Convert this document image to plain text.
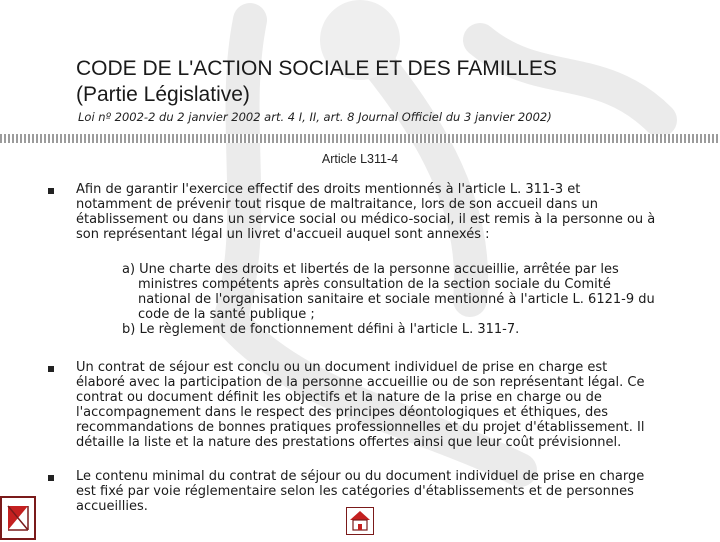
CODE DE L'ACTION SOCIALE ET DES FAMILLES
(Partie Législative)
Loi nº 2002-2 du 2 janvier 2002 art. 4 I, II, art. 8 Journal Officiel du 3 janvier 2002)
Article L311-4
Afin de garantir l'exercice effectif des droits mentionnés à l'article L. 311-3 et
notamment de prévenir tout risque de maltraitance, lors de son accueil dans un
établissement ou dans un service social ou médico-social, il est remis à la personne ou à
son représentant légal un livret d'accueil auquel sont annexés :
a) Une charte des droits et libertés de la personne accueillie, arrêtée par les
ministres compétents après consultation de la section sociale du Comité
national de l'organisation sanitaire et sociale mentionné à l'article L. 6121-9 du
code de la santé publique ;
b) Le règlement de fonctionnement défini à l'article L. 311-7.
Un contrat de séjour est conclu ou un document individuel de prise en charge est
élaboré avec la participation de la personne accueillie ou de son représentant légal. Ce
contrat ou document définit les objectifs et la nature de la prise en charge ou de
l'accompagnement dans le respect des principes déontologiques et éthiques, des
recommandations de bonnes pratiques professionnelles et du projet d'établissement. Il
détaille la liste et la nature des prestations offertes ainsi que leur coût prévisionnel.
Le contenu minimal du contrat de séjour ou du document individuel de prise en charge
est fixé par voie réglementaire selon les catégories d'établissements et de personnes
accueillies.
